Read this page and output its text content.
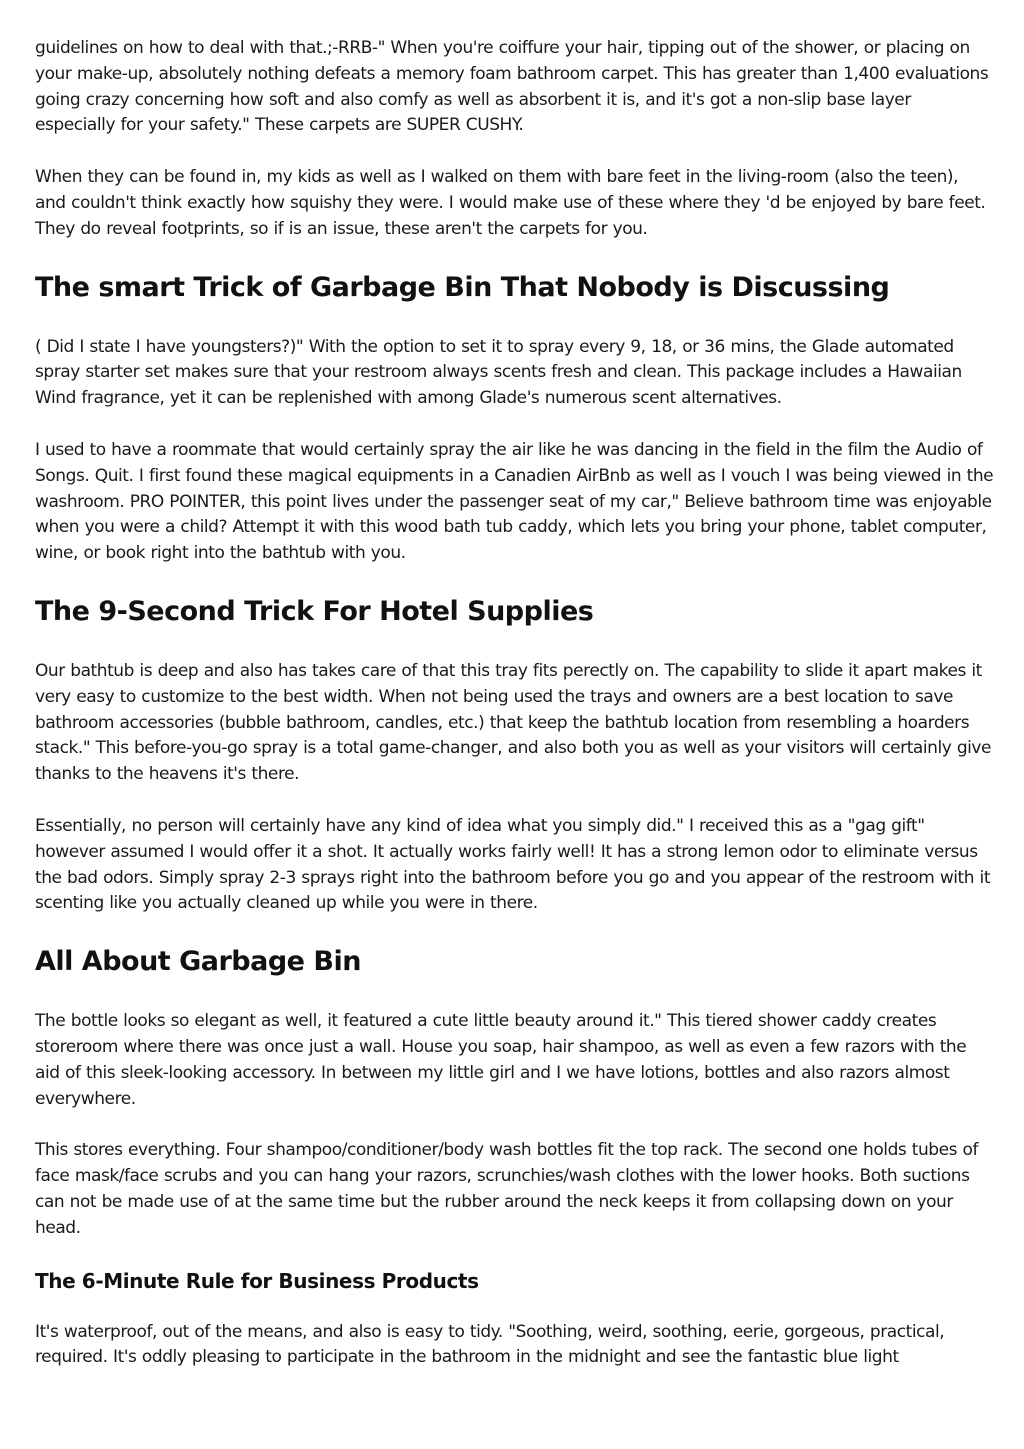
guidelines on how to deal with that.;-RRB-" When you're coiffure your hair, tipping out of the shower, or placing on your make-up, absolutely nothing defeats a memory foam bathroom carpet. This has greater than 1,400 evaluations going crazy concerning how soft and also comfy as well as absorbent it is, and it's got a non-slip base layer especially for your safety." These carpets are SUPER CUSHY.

When they can be found in, my kids as well as I walked on them with bare feet in the living-room (also the teen), and couldn't think exactly how squishy they were. I would make use of these where they 'd be enjoyed by bare feet. They do reveal footprints, so if is an issue, these aren't the carpets for you.

The smart Trick of Garbage Bin That Nobody is Discussing

( Did I state I have youngsters?)" With the option to set it to spray every 9, 18, or 36 mins, the Glade automated spray starter set makes sure that your restroom always scents fresh and clean. This package includes a Hawaiian Wind fragrance, yet it can be replenished with among Glade's numerous scent alternatives.

I used to have a roommate that would certainly spray the air like he was dancing in the field in the film the Audio of Songs. Quit. I first found these magical equipments in a Canadien AirBnb as well as I vouch I was being viewed in the washroom. PRO POINTER, this point lives under the passenger seat of my car," Believe bathroom time was enjoyable when you were a child? Attempt it with this wood bath tub caddy, which lets you bring your phone, tablet computer, wine, or book right into the bathtub with you.

The 9-Second Trick For Hotel Supplies

Our bathtub is deep and also has takes care of that this tray fits perectly on. The capability to slide it apart makes it very easy to customize to the best width. When not being used the trays and owners are a best location to save bathroom accessories (bubble bathroom, candles, etc.) that keep the bathtub location from resembling a hoarders stack." This before-you-go spray is a total game-changer, and also both you as well as your visitors will certainly give thanks to the heavens it's there.

Essentially, no person will certainly have any kind of idea what you simply did." I received this as a "gag gift" however assumed I would offer it a shot. It actually works fairly well! It has a strong lemon odor to eliminate versus the bad odors. Simply spray 2-3 sprays right into the bathroom before you go and you appear of the restroom with it scenting like you actually cleaned up while you were in there.

All About Garbage Bin

The bottle looks so elegant as well, it featured a cute little beauty around it." This tiered shower caddy creates storeroom where there was once just a wall. House you soap, hair shampoo, as well as even a few razors with the aid of this sleek-looking accessory. In between my little girl and I we have lotions, bottles and also razors almost everywhere.

This stores everything. Four shampoo/conditioner/body wash bottles fit the top rack. The second one holds tubes of face mask/face scrubs and you can hang your razors, scrunchies/wash clothes with the lower hooks. Both suctions can not be made use of at the same time but the rubber around the neck keeps it from collapsing down on your head.

The 6-Minute Rule for Business Products

It's waterproof, out of the means, and also is easy to tidy. "Soothing, weird, soothing, eerie, gorgeous, practical, required. It's oddly pleasing to participate in the bathroom in the midnight and see the fantastic blue light
